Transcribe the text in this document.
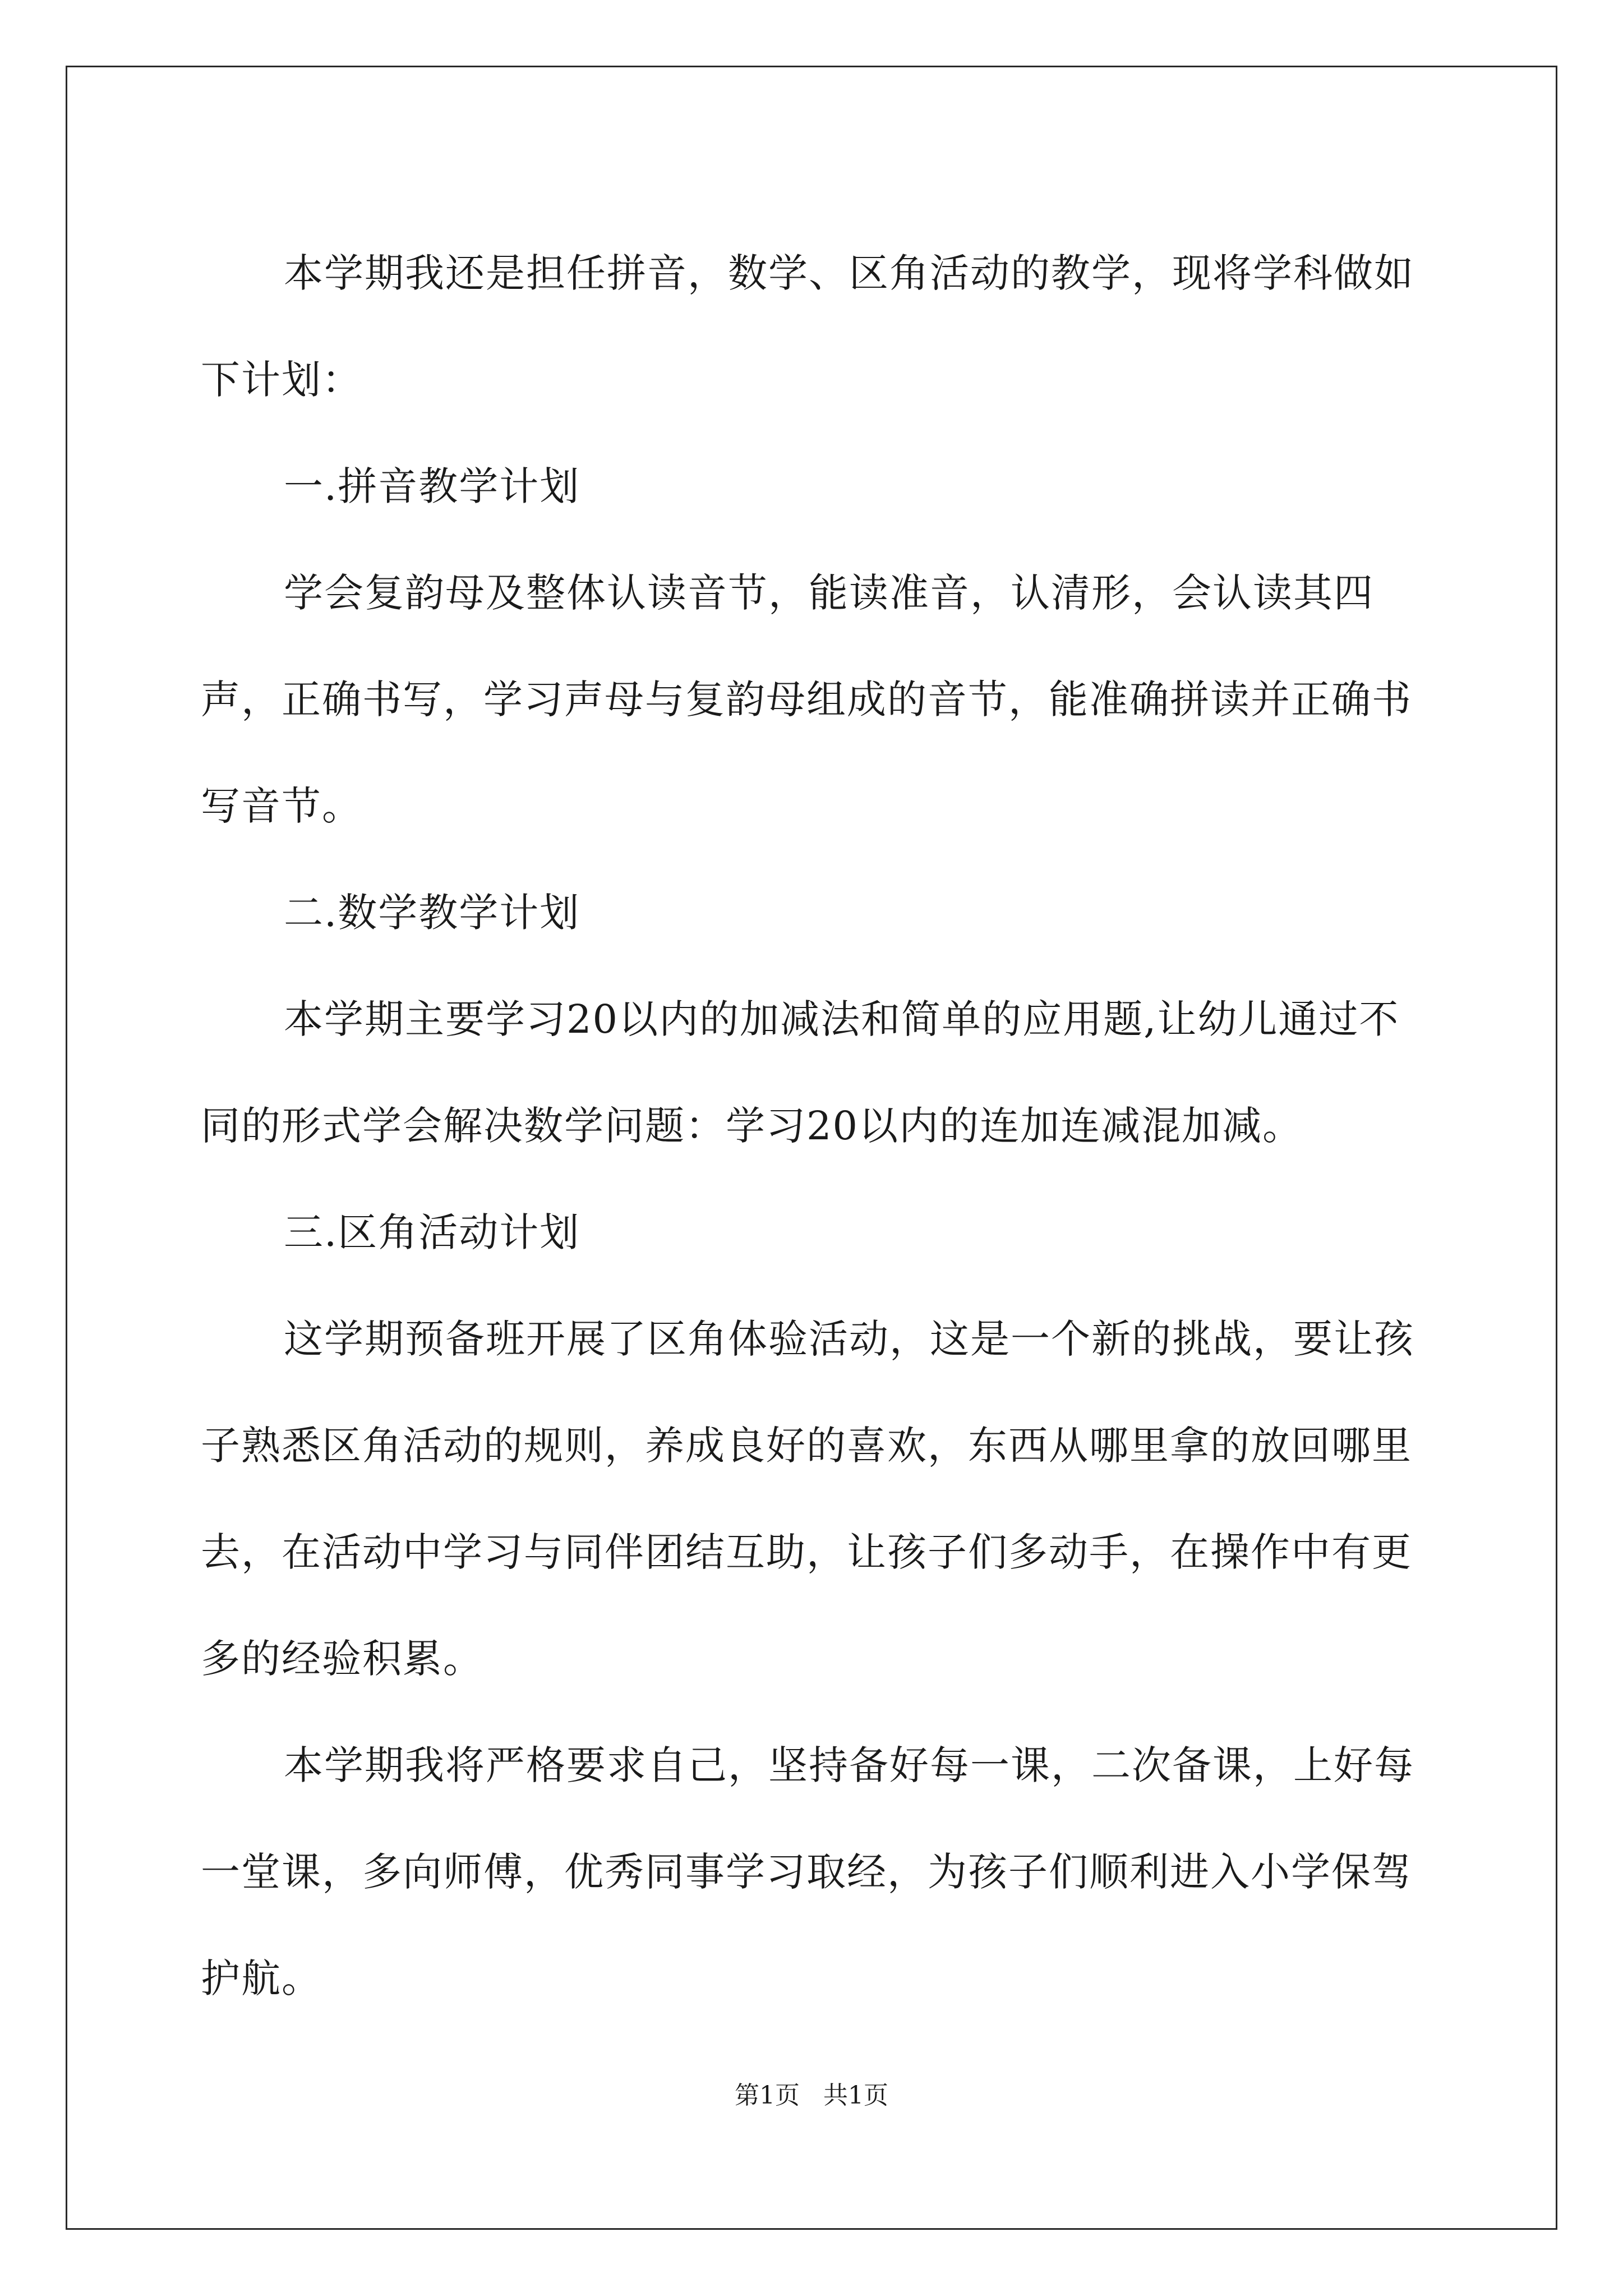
本学期我还是担任拼音，数学、区角活动的教学，现将学科做如下计划：

一.拼音教学计划

学会复韵母及整体认读音节，能读准音，认清形，会认读其四声，正确书写，学习声母与复韵母组成的音节，能准确拼读并正确书写音节。

二.数学教学计划

本学期主要学习20以内的加减法和简单的应用题,让幼儿通过不同的形式学会解决数学问题：学习20以内的连加连减混加减。

三.区角活动计划

这学期预备班开展了区角体验活动，这是一个新的挑战，要让孩子熟悉区角活动的规则，养成良好的喜欢，东西从哪里拿的放回哪里去，在活动中学习与同伴团结互助，让孩子们多动手，在操作中有更多的经验积累。

本学期我将严格要求自己，坚持备好每一课，二次备课，上好每一堂课，多向师傅，优秀同事学习取经，为孩子们顺利进入小学保驾护航。

第1页 共1页
